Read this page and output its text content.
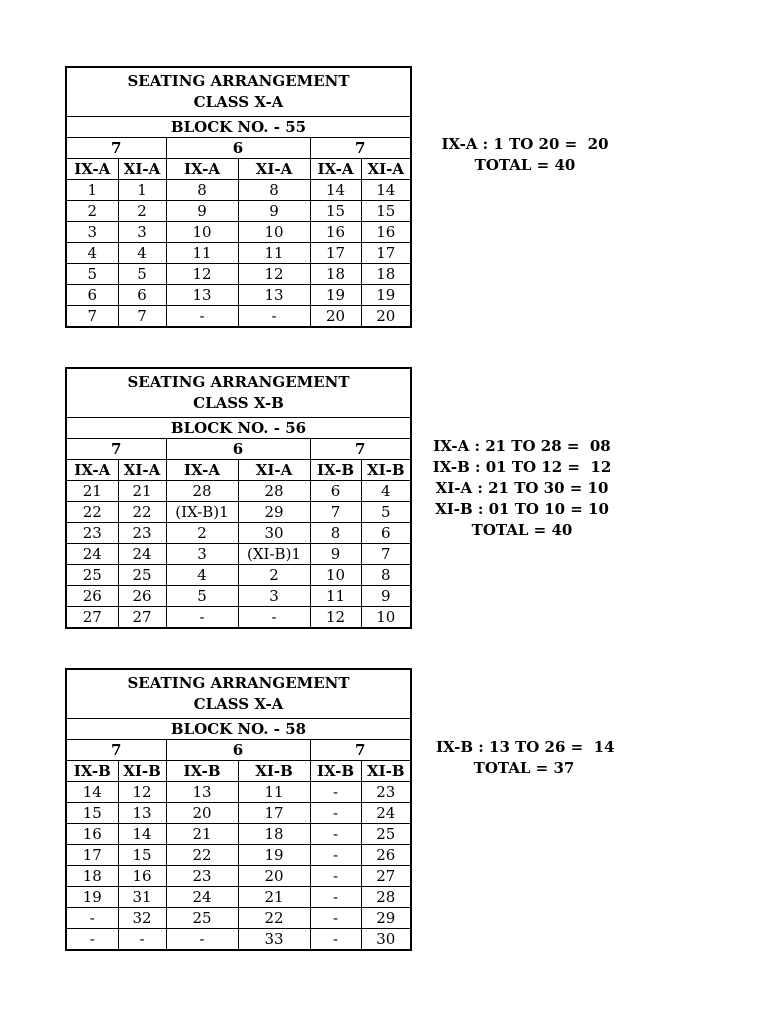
SEATING ARRANGEMENT
CLASS X-A					

BLOCK NO. - 55					
7		6		7	
IX-A	XI-A	IX-A	XI-A	IX-A	XI-A
1	1	8	8	14	14
2	2	9	9	15	15
3	3	10	10	16	16
4	4	11	11	17	17
5	5	12	12	18	18
6	6	13	13	19	19
7	7	-	-	20	20
IX-A : 1 TO 20 =  20
TOTAL = 40
SEATING ARRANGEMENT
CLASS X-B					

BLOCK NO. - 56					
7		6		7	
IX-A	XI-A	IX-A	XI-A	IX-B	XI-B
21	21	28	28	6	4
22	22	(IX-B)1	29	7	5
23	23	2	30	8	6
24	24	3	(XI-B)1	9	7
25	25	4	2	10	8
26	26	5	3	11	9
27	27	-	-	12	10
IX-A : 21 TO 28 =  08
IX-B : 01 TO 12 =  12
XI-A : 21 TO 30 = 10
XI-B : 01 TO 10 = 10
TOTAL = 40
SEATING ARRANGEMENT
CLASS X-A					

BLOCK NO. - 58					
7		6		7	
IX-B	XI-B	IX-B	XI-B	IX-B	XI-B
14	12	13	11	-	23
15	13	20	17	-	24
16	14	21	18	-	25
17	15	22	19	-	26
18	16	23	20	-	27
19	31	24	21	-	28
-	32	25	22	-	29
-	-	-	33	-	30
IX-B : 13 TO 26 =  14
TOTAL = 37
